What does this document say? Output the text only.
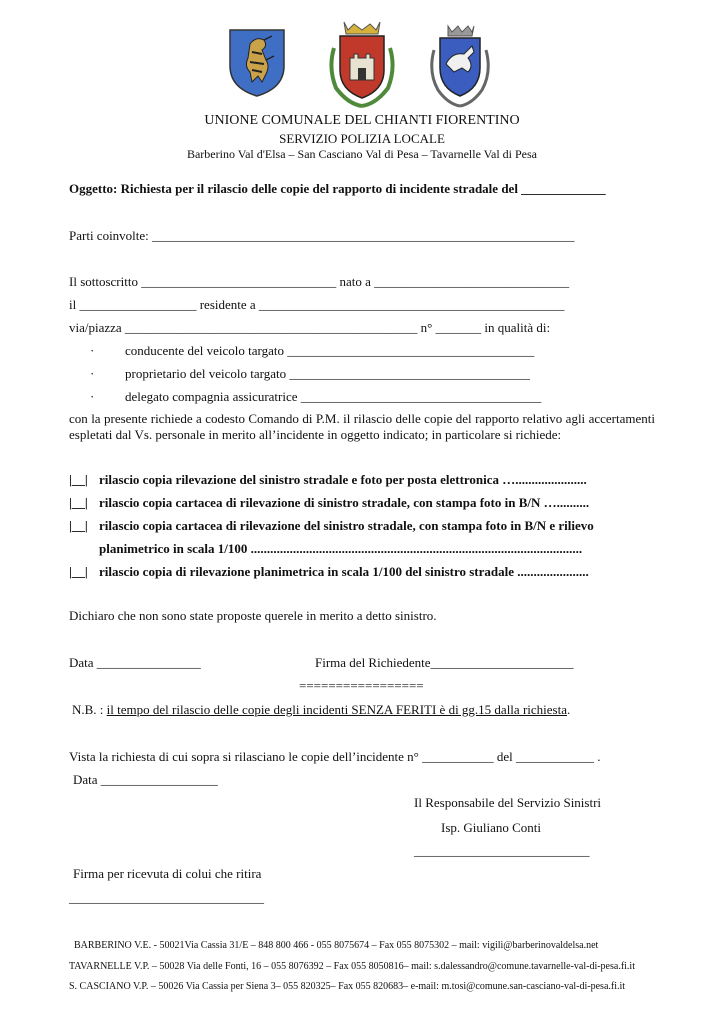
UNIONE COMUNALE DEL CHIANTI FIORENTINO
SERVIZIO POLIZIA LOCALE
Barberino Val d'Elsa – San Casciano Val di Pesa – Tavarnelle Val di Pesa
Oggetto: Richiesta per il rilascio delle copie del rapporto di incidente stradale del _____________
Parti coinvolte: _________________________________________________________________
Il sottoscritto ______________________________ nato a ______________________________
il __________________ residente a _______________________________________________
via/piazza _____________________________________________ n° _______ in qualità di:
· conducente del veicolo targato ______________________________________
· proprietario del veicolo targato _____________________________________
· delegato compagnia assicuratrice _____________________________________
con la presente richiede a codesto Comando di P.M. il rilascio delle copie del rapporto relativo agli accertamenti espletati dal Vs. personale in merito all’incidente in oggetto indicato; in particolare si richiede:
|__| rilascio copia rilevazione del sinistro stradale e foto per posta elettronica …......................
|__| rilascio copia cartacea di rilevazione di sinistro stradale, con stampa foto in B/N …..........
|__| rilascio copia cartacea di rilevazione del sinistro stradale, con stampa foto in B/N e rilievo
planimetrico in scala 1/100 ......................................................................................................
|__| rilascio copia di rilevazione planimetrica in scala 1/100 del sinistro stradale ......................
Dichiaro che non sono state proposte querele in merito a detto sinistro.
Data ________________	Firma del Richiedente______________________
=================
N.B. : il tempo del rilascio delle copie degli incidenti SENZA FERITI è di gg.15 dalla richiesta.
Vista la richiesta di cui sopra si rilasciano le copie dell’incidente n° ___________ del ____________ .
Data __________________
Il Responsabile del Servizio Sinistri
Isp. Giuliano Conti
___________________________
Firma per ricevuta di colui che ritira
______________________________
BARBERINO V.E. - 50021Via Cassia 31/E – 848 800 466 - 055 8075674 – Fax 055 8075302 – mail: vigili@barberinovaldelsa.net
TAVARNELLE V.P. – 50028 Via delle Fonti, 16 – 055 8076392 – Fax 055 8050816– mail: s.dalessandro@comune.tavarnelle-val-di-pesa.fi.it
S. CASCIANO V.P. – 50026 Via Cassia per Siena 3– 055 820325– Fax 055 820683– e-mail: m.tosi@comune.san-casciano-val-di-pesa.fi.it
